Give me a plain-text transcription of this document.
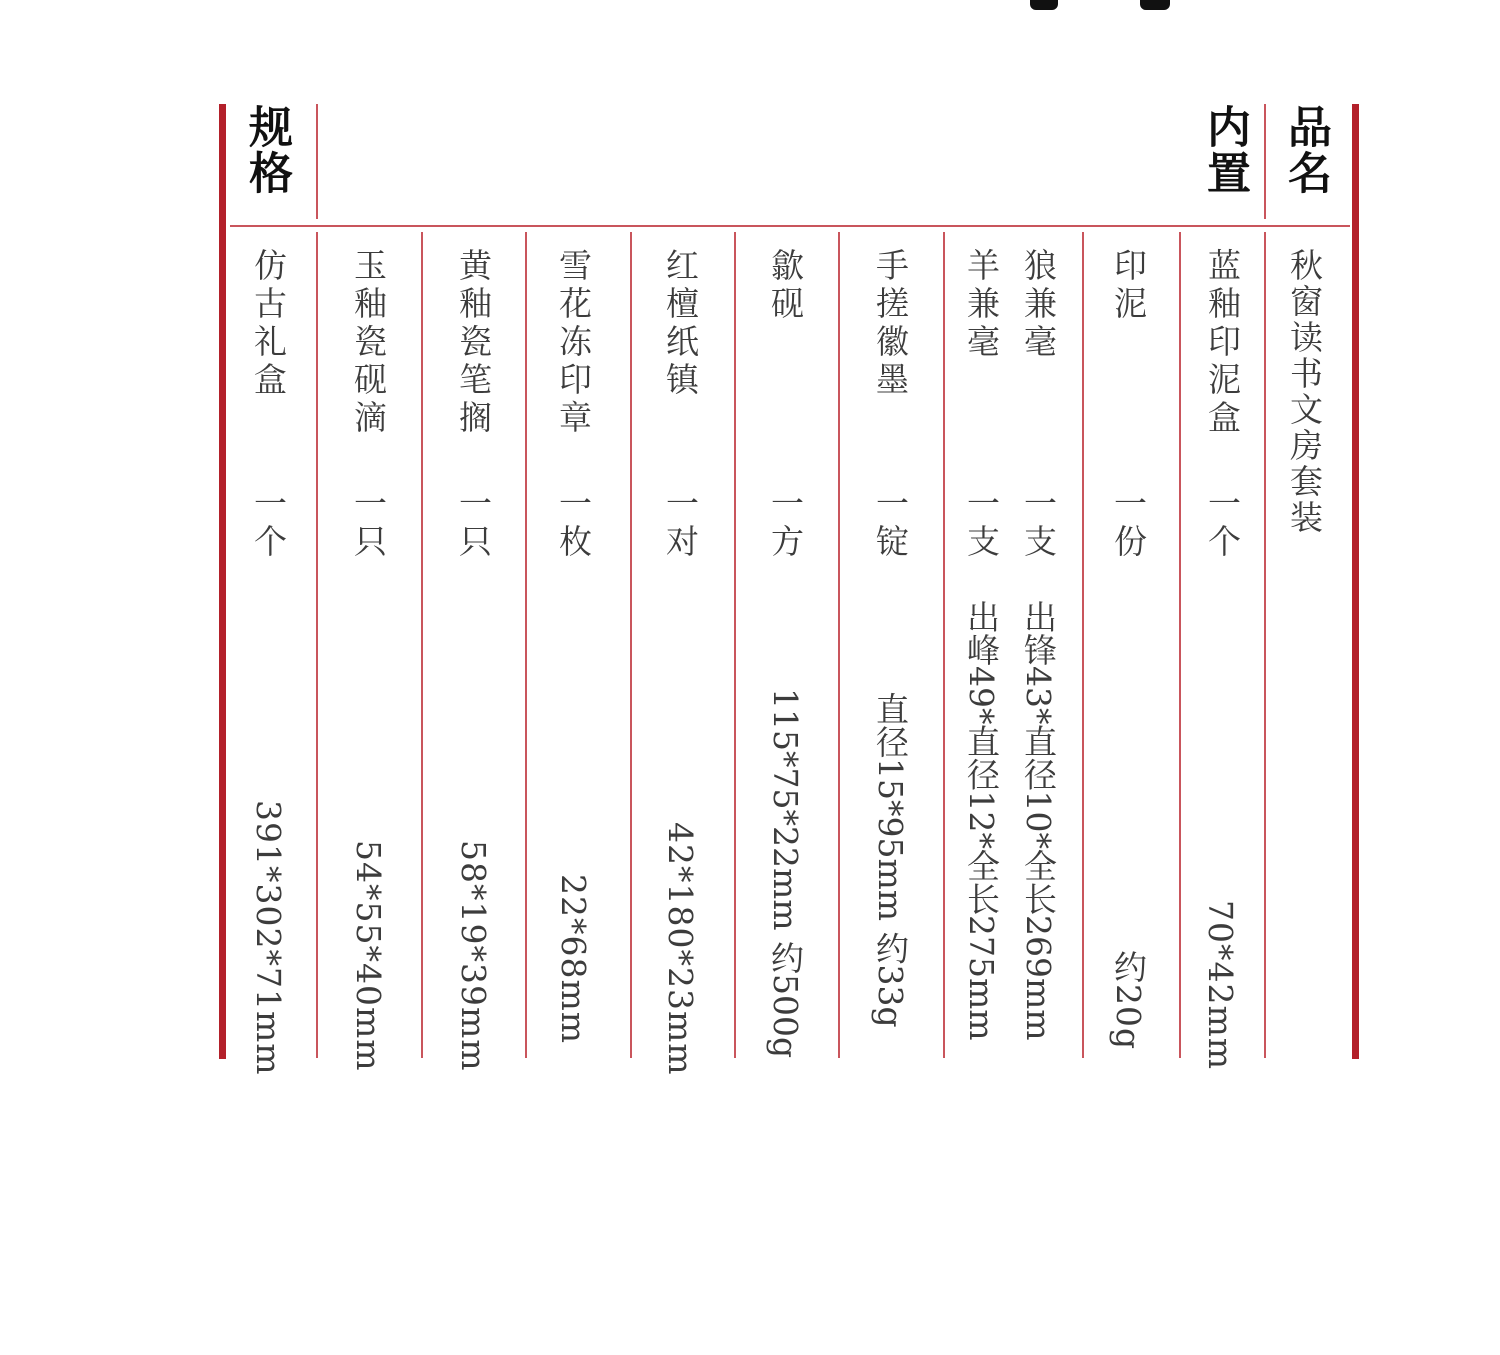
品名
内置
规格
秋窗读书文房套装
蓝釉印泥盒
一个
70*42mm
印泥
一份
约20g
狼兼毫
一支
出锋43*直径10*全长269mm
羊兼毫
一支
出峰49*直径12*全长275mm
手搓徽墨
一锭
直径15*95mm 约33g
歙砚
一方
115*75*22mm 约500g
红檀纸镇
一对
42*180*23mm
雪花冻印章
一枚
22*68mm
黄釉瓷笔搁
一只
58*19*39mm
玉釉瓷砚滴
一只
54*55*40mm
仿古礼盒
一个
391*302*71mm
